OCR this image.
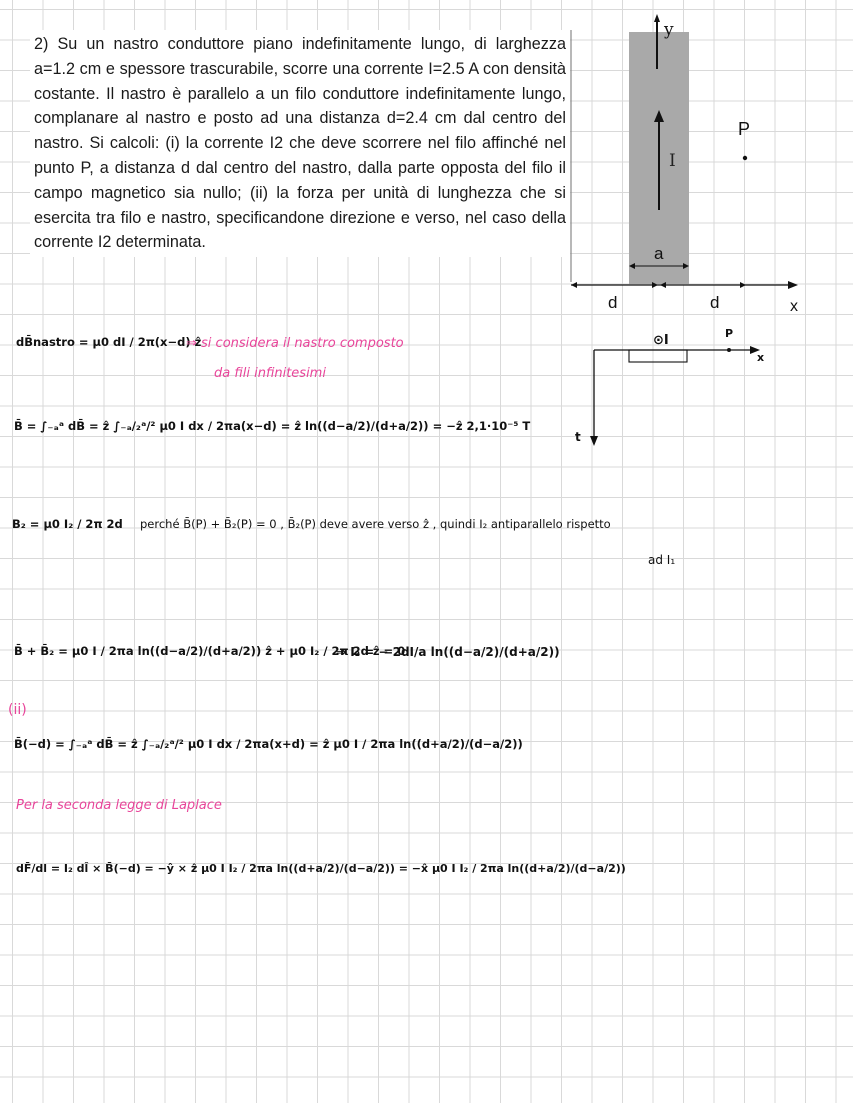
2) Su un nastro conduttore piano indefinitamente lungo, di larghezza a=1.2 cm e spessore trascurabile, scorre una corrente I=2.5 A con densità costante. Il nastro è parallelo a un filo conduttore indefinitamente lungo, complanare al nastro e posto ad una distanza d=2.4 cm dal centro del nastro. Si calcoli: (i) la corrente I2 che deve scorrere nel filo affinché nel punto P, a distanza d dal centro del nastro, dalla parte opposta del filo il campo magnetico sia nullo; (ii) la forza per unità di lunghezza che si esercita tra filo e nastro, specificandone direzione e verso, nel caso della corrente I2 determinata.
y
I
a
P
x
d	d
dB̄nastro = μ0 dI / 2π(x−d) ẑ
⇒ si considera il nastro composto
da fili infinitesimi
B̄ = ∫₋ₐᵃ dB̄ = ẑ ∫₋ₐ/₂ᵃ/² μ0 I dx / 2πa(x−d) = ẑ ln((d−a/2)/(d+a/2)) = −ẑ 2,1·10⁻⁵ T
B₂ = μ0 I₂ / 2π 2d perché B̄(P) + B̄₂(P) = 0 , B̄₂(P) deve avere verso ẑ , quindi I₂ antiparallelo rispetto
ad I₁
B̄ + B̄₂ = μ0 I / 2πa ln((d−a/2)/(d+a/2)) ẑ + μ0 I₂ / 2π 2d ẑ = 0
⇒ I₂ = − 2dI/a ln((d−a/2)/(d+a/2))
(ii)
B̄(−d) = ∫₋ₐᵃ dB̄ = ẑ ∫₋ₐ/₂ᵃ/² μ0 I dx / 2πa(x+d) = ẑ μ0 I / 2πa ln((d+a/2)/(d−a/2))
Per la seconda legge di Laplace
dF̄/dl = I₂ dl̂ × B̄(−d) = −ŷ × ẑ μ0 I I₂ / 2πa ln((d+a/2)/(d−a/2)) = −x̂ μ0 I I₂ / 2πa ln((d+a/2)/(d−a/2))
⊙I	P
x
t
